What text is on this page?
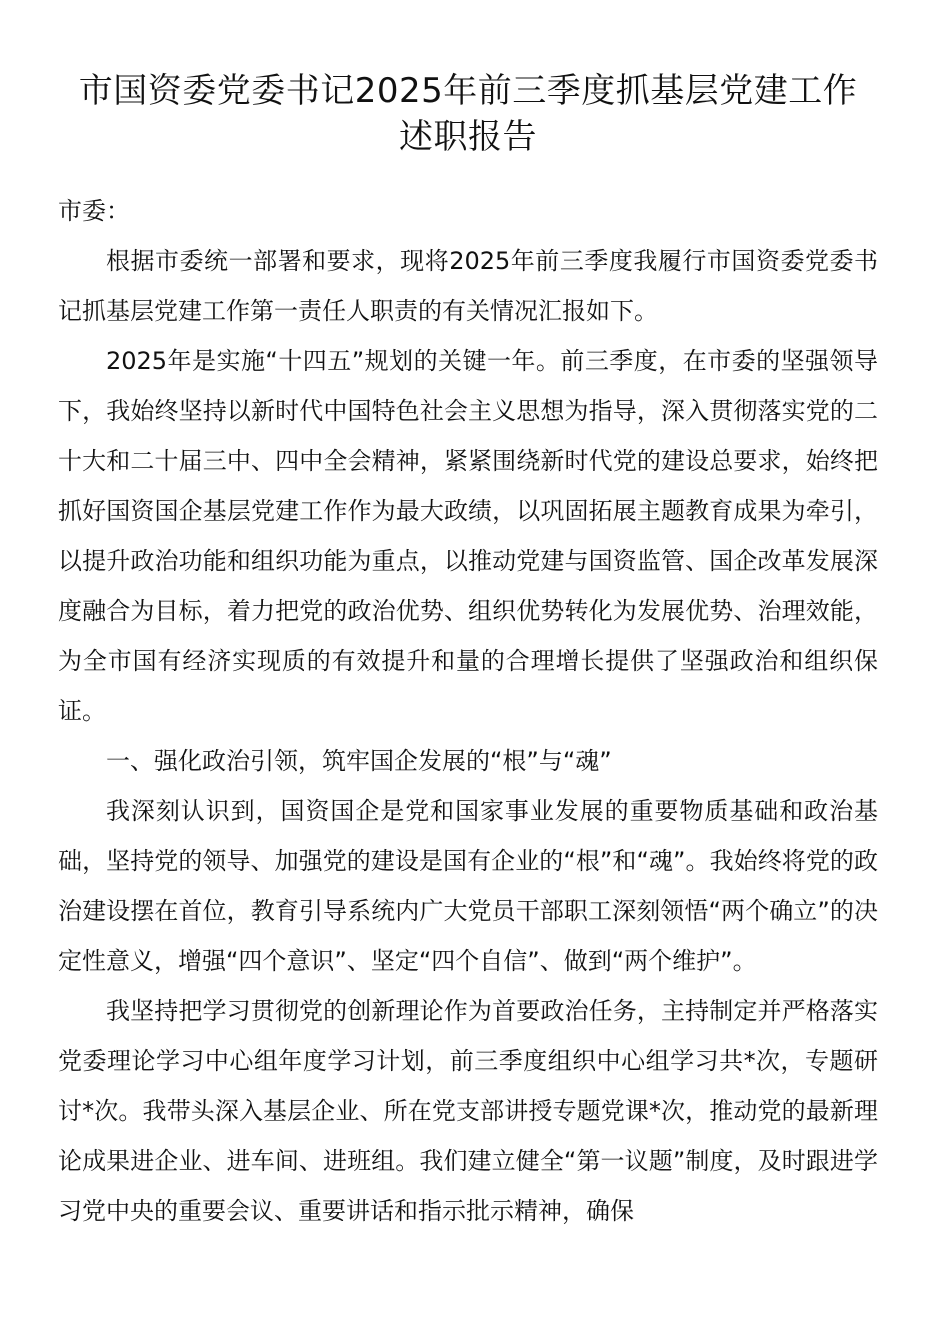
市国资委党委书记2025年前三季度抓基层党建工作
述职报告

市委：

根据市委统一部署和要求，现将2025年前三季度我履行市国资委党委书记抓基层党建工作第一责任人职责的有关情况汇报如下。

2025年是实施“十四五”规划的关键一年。前三季度，在市委的坚强领导下，我始终坚持以新时代中国特色社会主义思想为指导，深入贯彻落实党的二十大和二十届三中、四中全会精神，紧紧围绕新时代党的建设总要求，始终把抓好国资国企基层党建工作作为最大政绩，以巩固拓展主题教育成果为牵引，以提升政治功能和组织功能为重点，以推动党建与国资监管、国企改革发展深度融合为目标，着力把党的政治优势、组织优势转化为发展优势、治理效能，为全市国有经济实现质的有效提升和量的合理增长提供了坚强政治和组织保证。

一、强化政治引领，筑牢国企发展的“根”与“魂”

我深刻认识到，国资国企是党和国家事业发展的重要物质基础和政治基础，坚持党的领导、加强党的建设是国有企业的“根”和“魂”。我始终将党的政治建设摆在首位，教育引导系统内广大党员干部职工深刻领悟“两个确立”的决定性意义，增强“四个意识”、坚定“四个自信”、做到“两个维护”。

我坚持把学习贯彻党的创新理论作为首要政治任务，主持制定并严格落实党委理论学习中心组年度学习计划，前三季度组织中心组学习共*次，专题研讨*次。我带头深入基层企业、所在党支部讲授专题党课*次，推动党的最新理论成果进企业、进车间、进班组。我们建立健全“第一议题”制度，及时跟进学习党中央的重要会议、重要讲话和指示批示精神，确保
